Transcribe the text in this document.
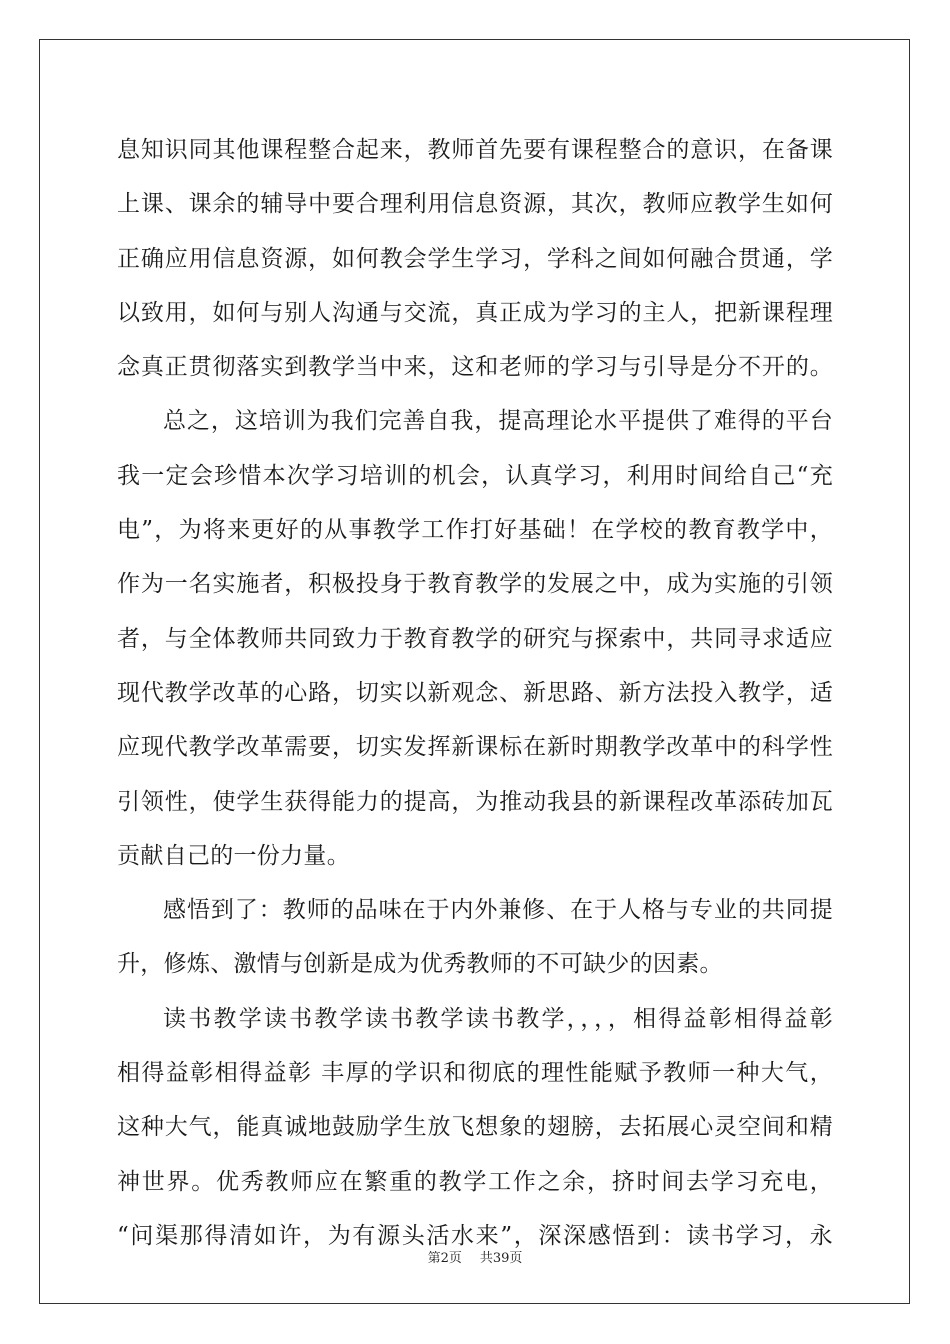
息知识同其他课程整合起来，教师首先要有课程整合的意识，在备课
上课、课余的辅导中要合理利用信息资源，其次，教师应教学生如何
正确应用信息资源，如何教会学生学习，学科之间如何融合贯通，学
以致用，如何与别人沟通与交流，真正成为学习的主人，把新课程理
念真正贯彻落实到教学当中来，这和老师的学习与引导是分不开的。
总之，这培训为我们完善自我，提高理论水平提供了难得的平台
我一定会珍惜本次学习培训的机会，认真学习，利用时间给自己“充
电”，为将来更好的从事教学工作打好基础！在学校的教育教学中，
作为一名实施者，积极投身于教育教学的发展之中，成为实施的引领
者，与全体教师共同致力于教育教学的研究与探索中，共同寻求适应
现代教学改革的心路，切实以新观念、新思路、新方法投入教学，适
应现代教学改革需要，切实发挥新课标在新时期教学改革中的科学性
引领性，使学生获得能力的提高，为推动我县的新课程改革添砖加瓦
贡献自己的一份力量。
感悟到了：教师的品味在于内外兼修、在于人格与专业的共同提
升，修炼、激情与创新是成为优秀教师的不可缺少的因素。
读书教学读书教学读书教学读书教学，，，，相得益彰相得益彰
相得益彰相得益彰 丰厚的学识和彻底的理性能赋予教师一种大气，
这种大气，能真诚地鼓励学生放飞想象的翅膀，去拓展心灵空间和精
神世界。优秀教师应在繁重的教学工作之余，挤时间去学习充电，
“问渠那得清如许，为有源头活水来”，深深感悟到：读书学习，永
第2页 共39页
